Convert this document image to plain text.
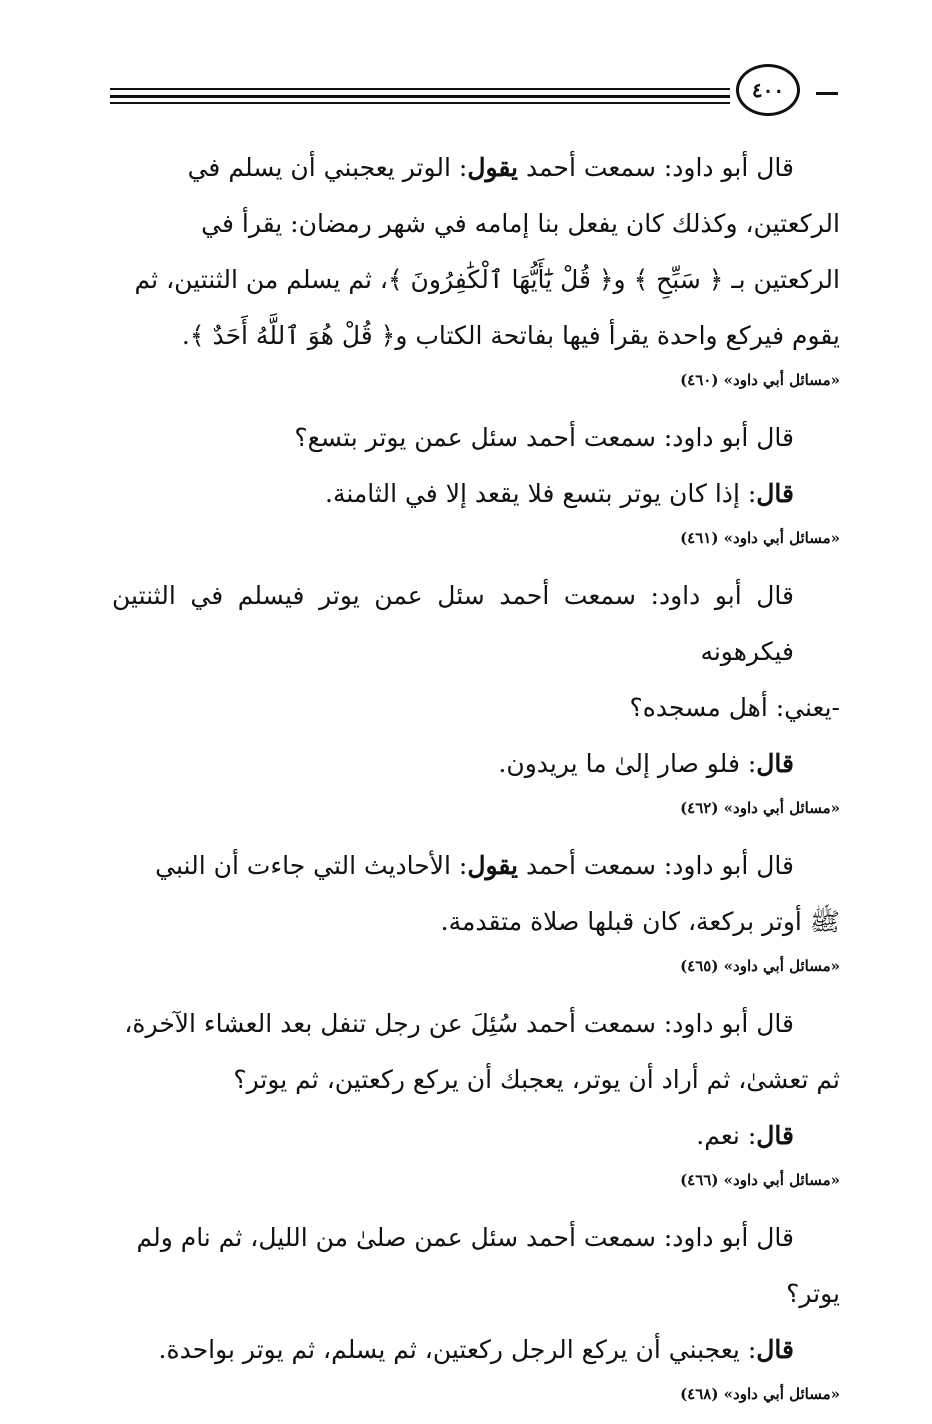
٤٠٠
قال أبو داود: سمعت أحمد يقول: الوتر يعجبني أن يسلم في
الركعتين، وكذلك كان يفعل بنا إمامه في شهر رمضان: يقرأ في
الركعتين بـ ﴿ سَبِّحِ ﴾ و﴿ قُلْ يَٰٓأَيُّهَا ٱلْكَٰفِرُونَ ﴾، ثم يسلم من الثنتين، ثم
يقوم فيركع واحدة يقرأ فيها بفاتحة الكتاب و﴿ قُلْ هُوَ ٱللَّهُ أَحَدٌ ﴾.
«مسائل أبي داود» (٤٦٠)
قال أبو داود: سمعت أحمد سئل عمن يوتر بتسع؟
قال: إذا كان يوتر بتسع فلا يقعد إلا في الثامنة.
«مسائل أبي داود» (٤٦١)
قال أبو داود: سمعت أحمد سئل عمن يوتر فيسلم في الثنتين فيكرهونه
-يعني: أهل مسجده؟
قال: فلو صار إلىٰ ما يريدون.
«مسائل أبي داود» (٤٦٢)
قال أبو داود: سمعت أحمد يقول: الأحاديث التي جاءت أن النبي
ﷺ أوتر بركعة، كان قبلها صلاة متقدمة.
«مسائل أبي داود» (٤٦٥)
قال أبو داود: سمعت أحمد سُئِلَ عن رجل تنفل بعد العشاء الآخرة،
ثم تعشىٰ، ثم أراد أن يوتر، يعجبك أن يركع ركعتين، ثم يوتر؟
قال: نعم.
«مسائل أبي داود» (٤٦٦)
قال أبو داود: سمعت أحمد سئل عمن صلىٰ من الليل، ثم نام ولم
يوتر؟
قال: يعجبني أن يركع الرجل ركعتين، ثم يسلم، ثم يوتر بواحدة.
«مسائل أبي داود» (٤٦٨)
